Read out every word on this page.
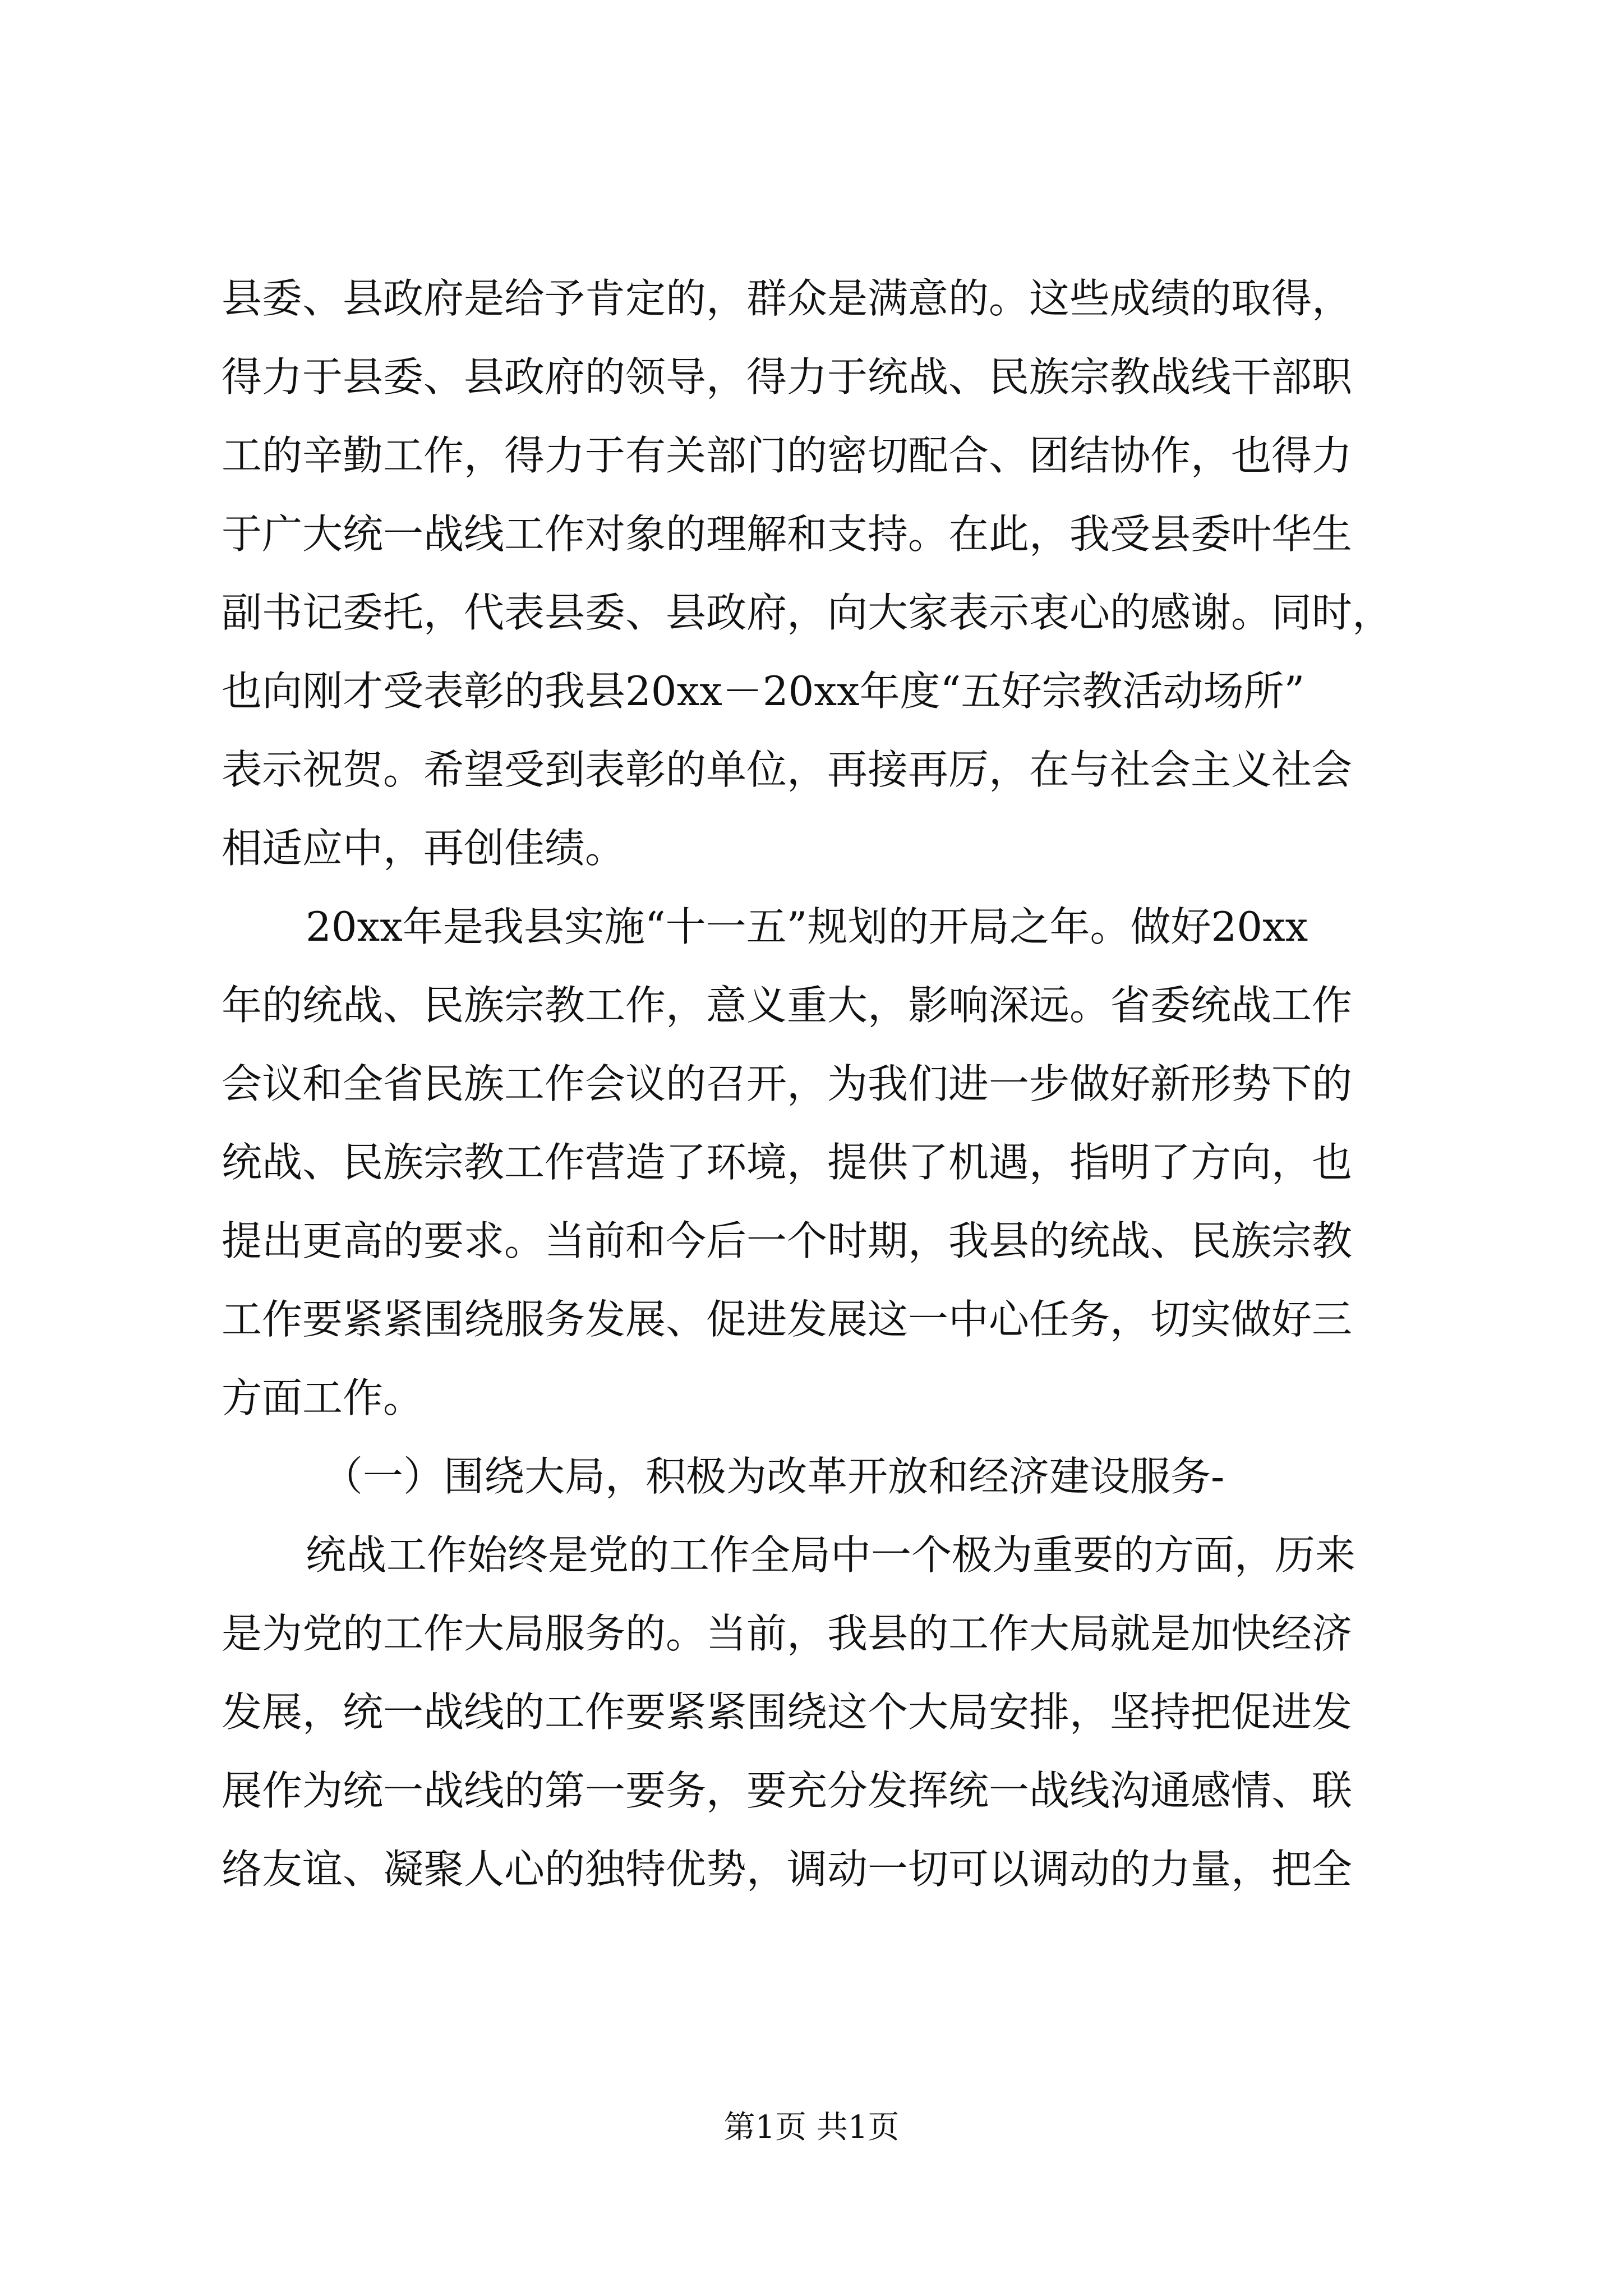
县委、县政府是给予肯定的，群众是满意的。这些成绩的取得，
得力于县委、县政府的领导，得力于统战、民族宗教战线干部职
工的辛勤工作，得力于有关部门的密切配合、团结协作，也得力
于广大统一战线工作对象的理解和支持。在此，我受县委叶华生
副书记委托，代表县委、县政府，向大家表示衷心的感谢。同时，
也向刚才受表彰的我县20xx－20xx年度“五好宗教活动场所”
表示祝贺。希望受到表彰的单位，再接再厉，在与社会主义社会
相适应中，再创佳绩。
20xx年是我县实施“十一五”规划的开局之年。做好20xx
年的统战、民族宗教工作，意义重大，影响深远。省委统战工作
会议和全省民族工作会议的召开，为我们进一步做好新形势下的
统战、民族宗教工作营造了环境，提供了机遇，指明了方向，也
提出更高的要求。当前和今后一个时期，我县的统战、民族宗教
工作要紧紧围绕服务发展、促进发展这一中心任务，切实做好三
方面工作。
（一）围绕大局，积极为改革开放和经济建设服务-
统战工作始终是党的工作全局中一个极为重要的方面，历来
是为党的工作大局服务的。当前，我县的工作大局就是加快经济
发展，统一战线的工作要紧紧围绕这个大局安排，坚持把促进发
展作为统一战线的第一要务，要充分发挥统一战线沟通感情、联
络友谊、凝聚人心的独特优势，调动一切可以调动的力量，把全
第1页 共1页
